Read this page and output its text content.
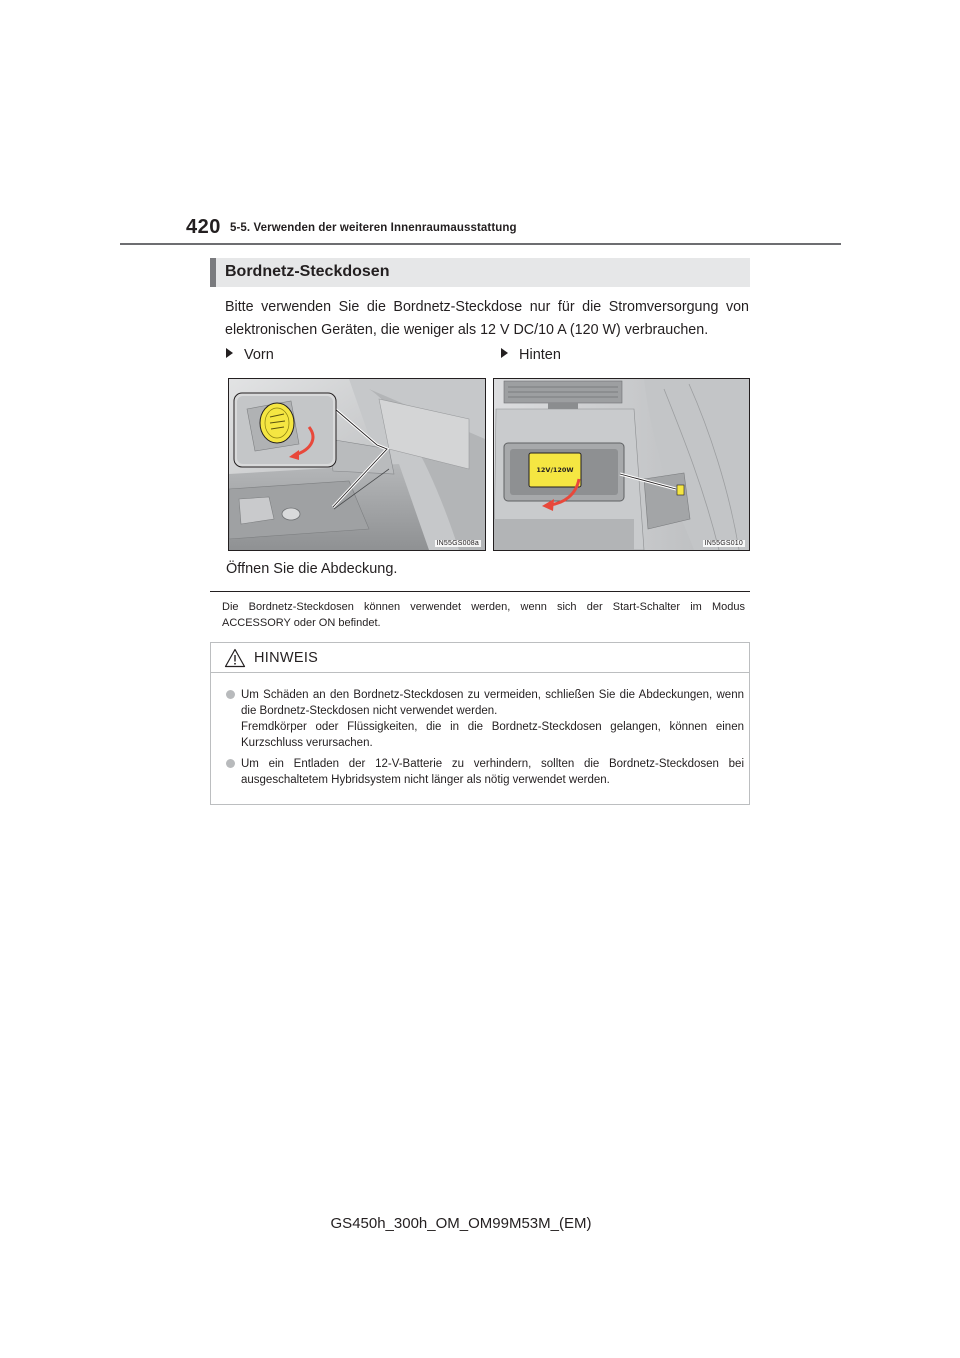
420 5-5. Verwenden der weiteren Innenraumausstattung
Bordnetz-Steckdosen
Bitte verwenden Sie die Bordnetz-Steckdose nur für die Stromversorgung von elektronischen Geräten, die weniger als 12 V DC/10 A (120 W) verbrauchen.
Vorn	Hinten
IN55GS008a
12V/120W
IN55GS010
Öffnen Sie die Abdeckung.
Die Bordnetz-Steckdosen können verwendet werden, wenn sich der Start-Schalter im Modus ACCESSORY oder ON befindet.
HINWEIS

Um Schäden an den Bordnetz-Steckdosen zu vermeiden, schließen Sie die Abdeckungen, wenn die Bordnetz-Steckdosen nicht verwendet werden.

Fremdkörper oder Flüssigkeiten, die in die Bordnetz-Steckdosen gelangen, können einen Kurzschluss verursachen.

Um ein Entladen der 12-V-Batterie zu verhindern, sollten die Bordnetz-Steckdosen bei ausgeschaltetem Hybridsystem nicht länger als nötig verwendet werden.

GS450h_300h_OM_OM99M53M_(EM)
